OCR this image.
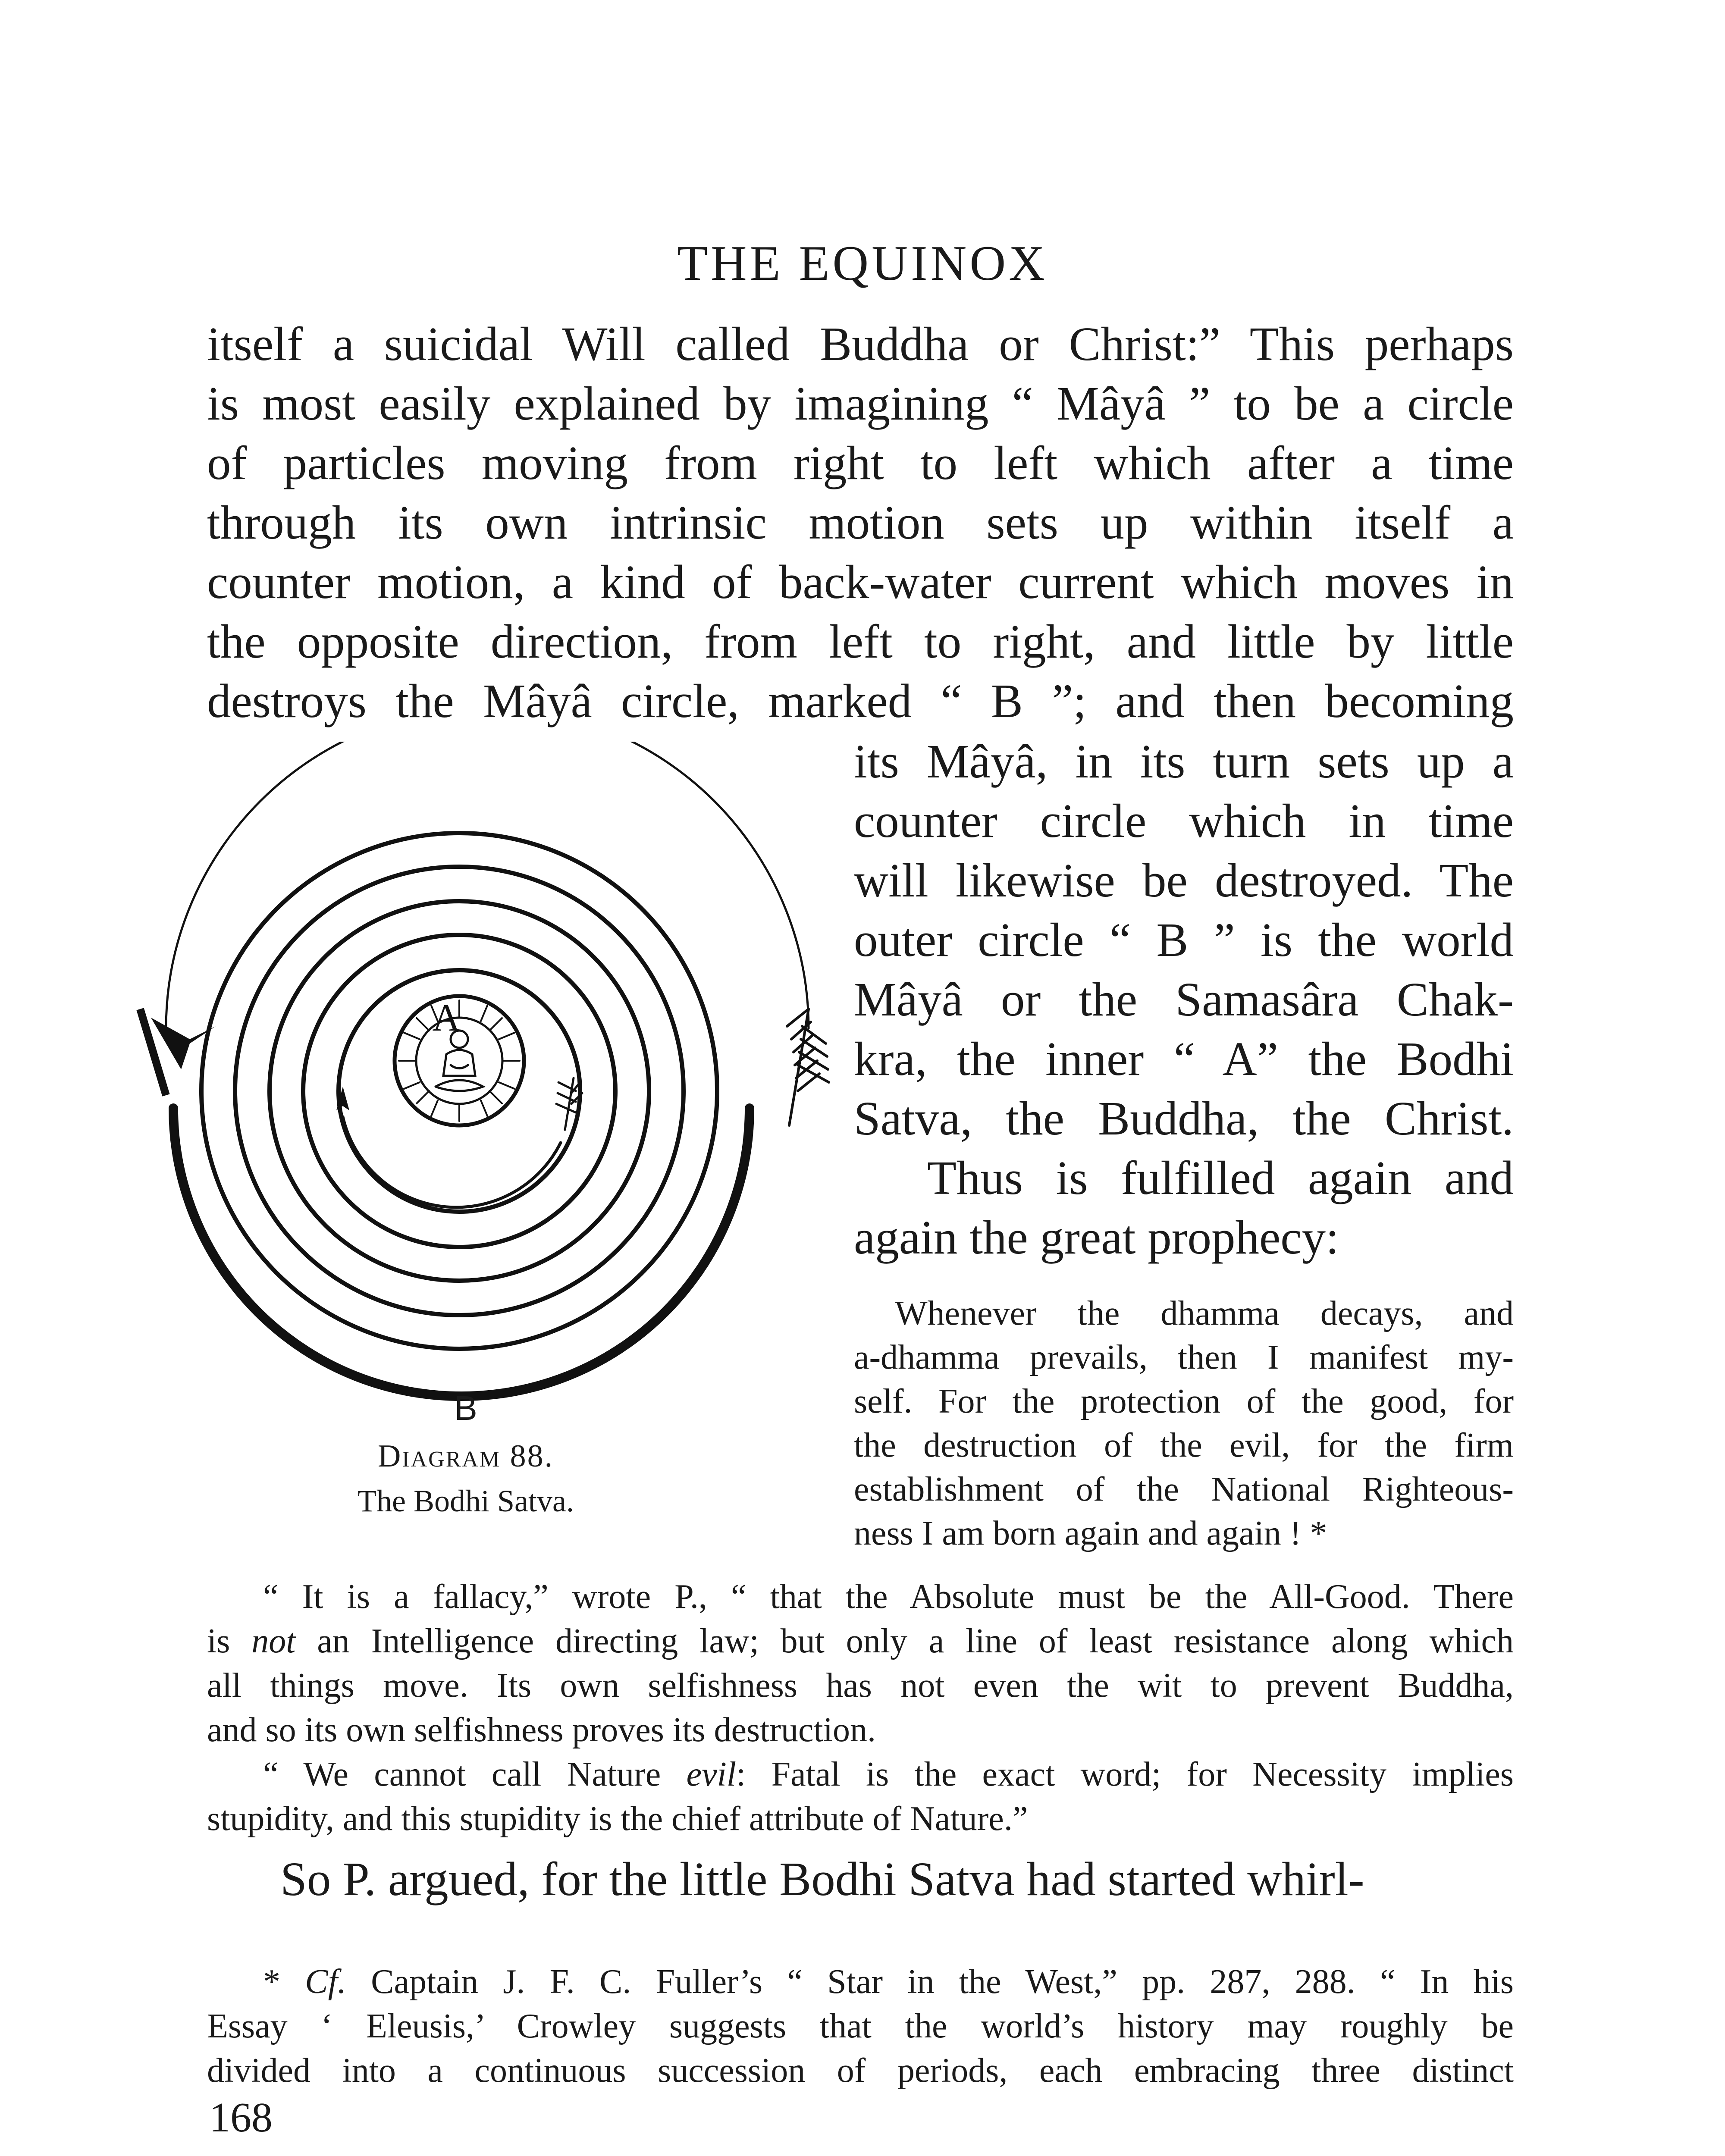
THE EQUINOX
itself a suicidal Will called Buddha or Christ:” This perhaps
is most easily explained by imagining “ Mâyâ ” to be a circle
of particles moving from right to left which after a time
through its own intrinsic motion sets up within itself a
counter motion, a kind of back-water current which moves in
the opposite direction, from left to right, and little by little
destroys the Mâyâ circle, marked “ B ”; and then becoming
its Mâyâ, in its turn sets up a
counter circle which in time
will likewise be destroyed. The
outer circle “ B ” is the world
Mâyâ or the Samasâra Chak-
kra, the inner “ A” the Bodhi
Satva, the Buddha, the Christ.
Thus is fulfilled again and
again the great prophecy:
Whenever the dhamma decays, and
a-dhamma prevails, then I manifest my-
self. For the protection of the good, for
the destruction of the evil, for the firm
establishment of the National Righteous-
ness I am born again and again ! *
A
B
Diagram 88.
The Bodhi Satva.
“ It is a fallacy,” wrote P., “ that the Absolute must be the All-Good. There
is not an Intelligence directing law; but only a line of least resistance along which
all things move. Its own selfishness has not even the wit to prevent Buddha,
and so its own selfishness proves its destruction.
“ We cannot call Nature evil: Fatal is the exact word; for Necessity implies
stupidity, and this stupidity is the chief attribute of Nature.”
So P. argued, for the little Bodhi Satva had started whirl-
* Cf. Captain J. F. C. Fuller’s “ Star in the West,” pp. 287, 288. “ In his
Essay ‘ Eleusis,’ Crowley suggests that the world’s history may roughly be
divided into a continuous succession of periods, each embracing three distinct
168
